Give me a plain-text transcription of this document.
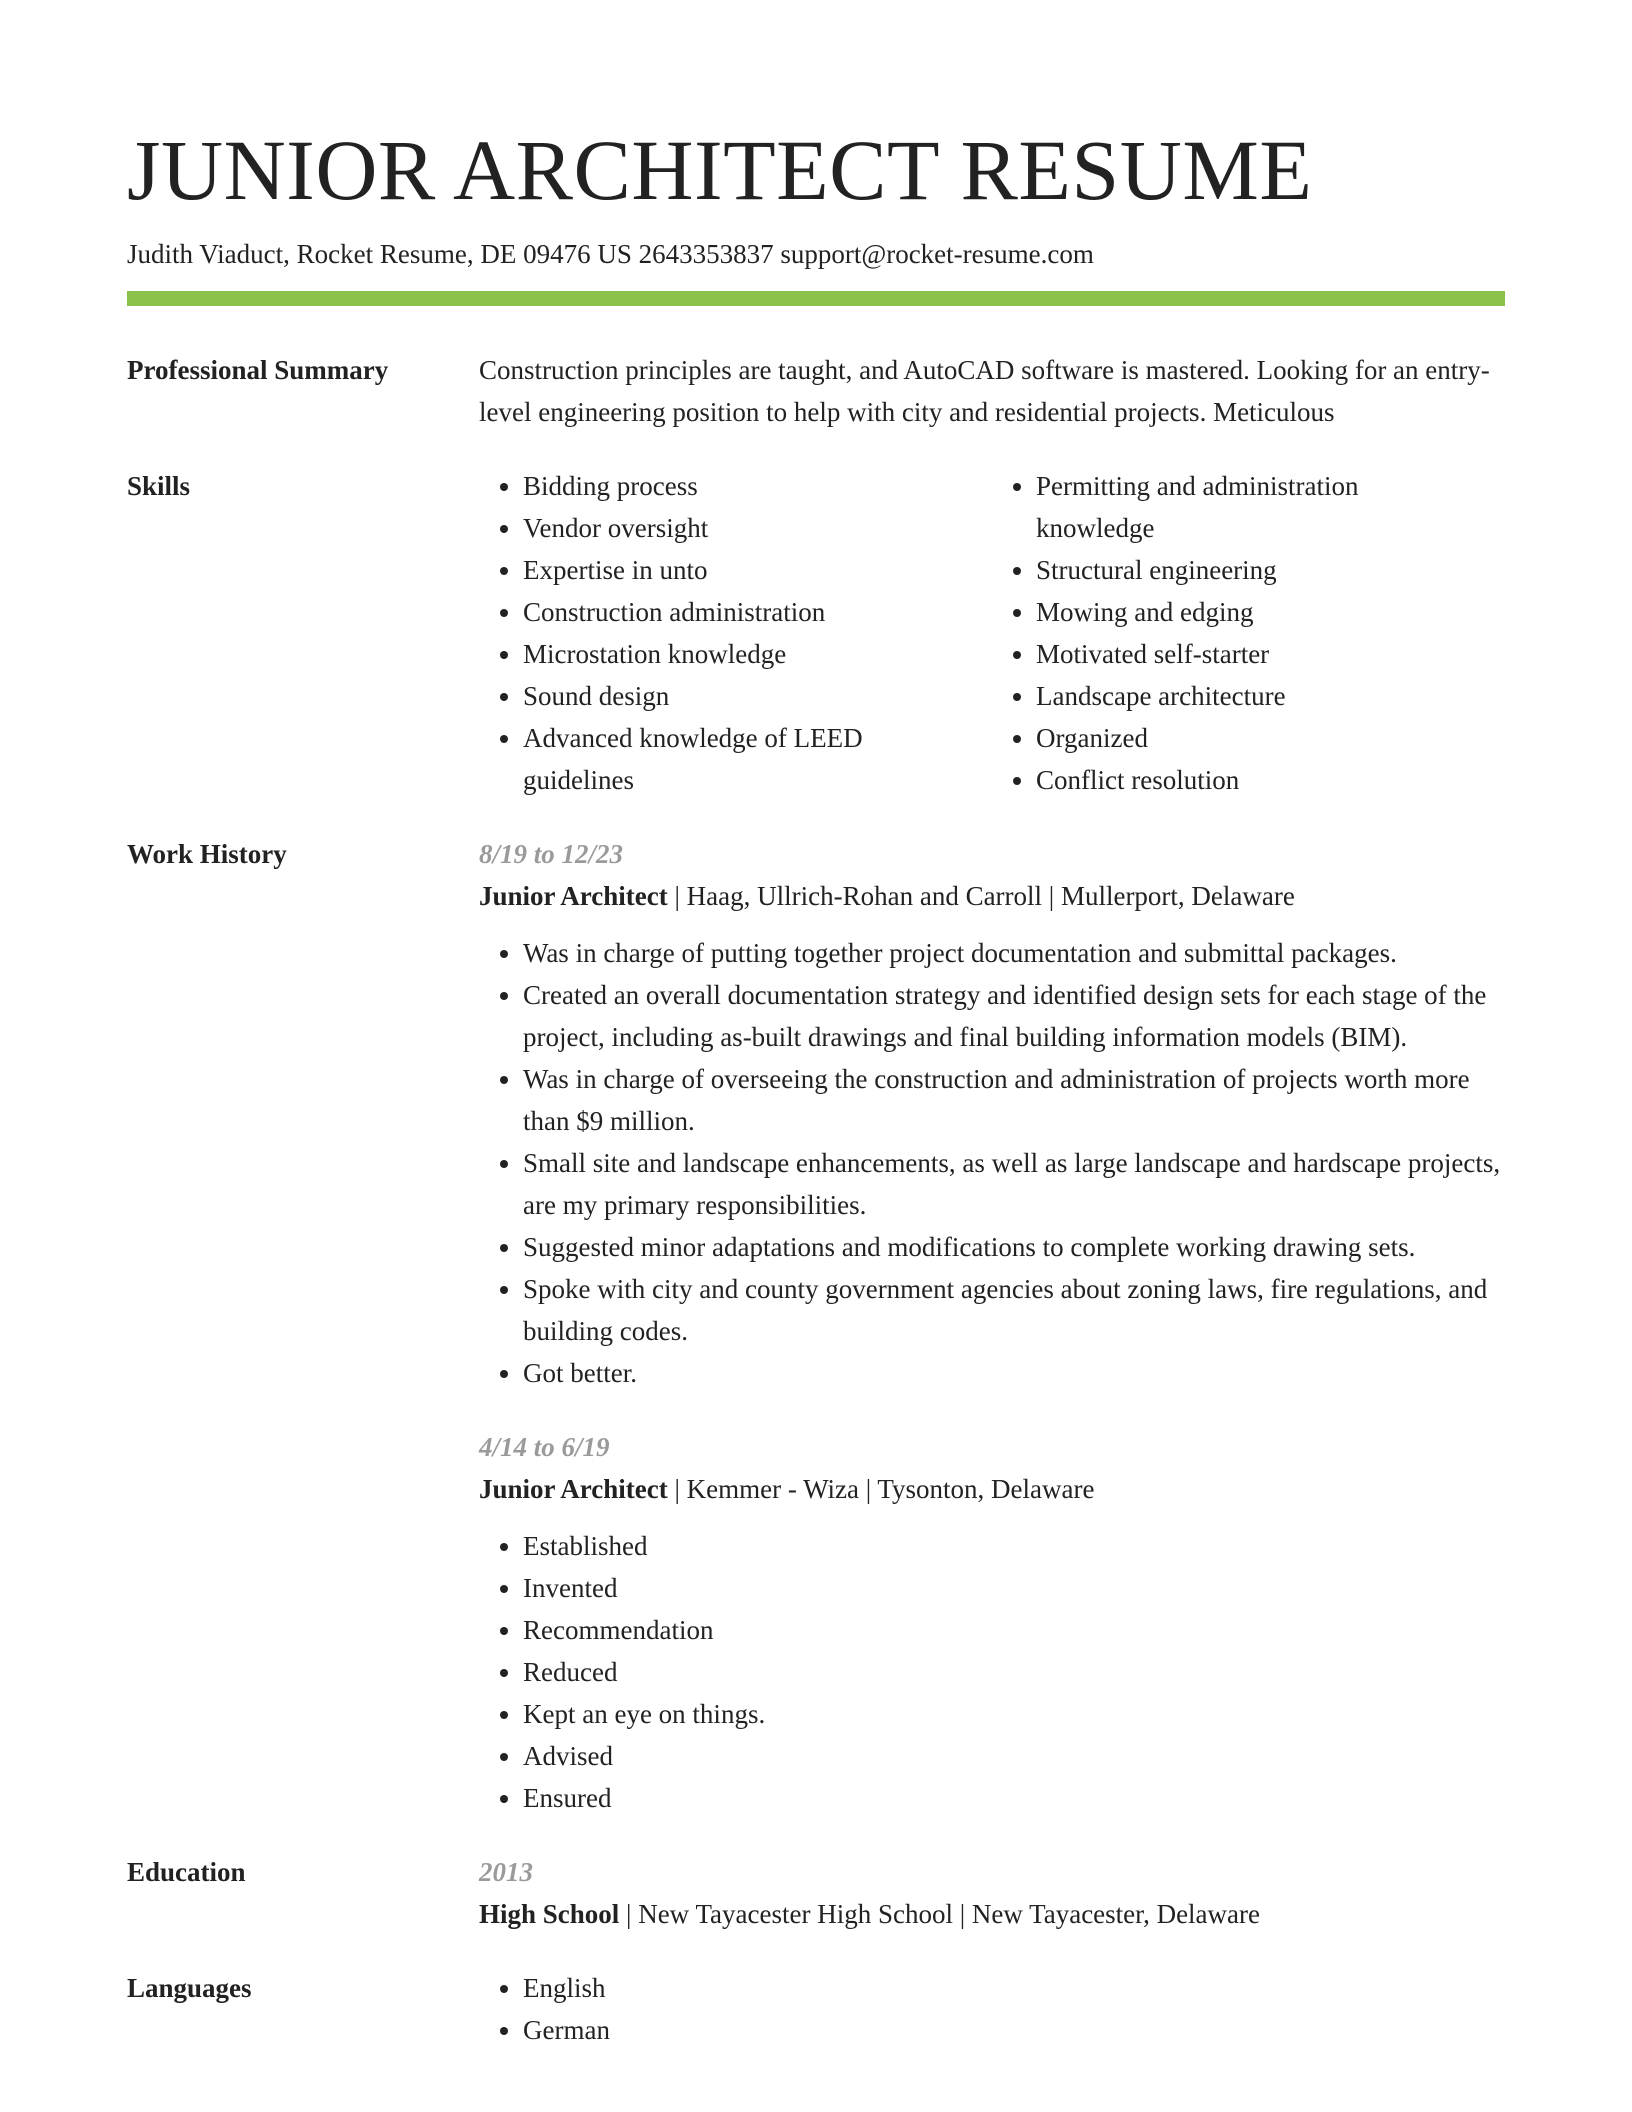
JUNIOR ARCHITECT RESUME
Judith Viaduct, Rocket Resume, DE 09476 US 2643353837 support@rocket-resume.com
Professional Summary	Construction principles are taught, and AutoCAD software is mastered. Looking for an entry-level engineering position to help with city and residential projects. Meticulous

Skills	• Bidding process
• Vendor oversight
• Expertise in unto
• Construction administration
• Microstation knowledge
• Sound design
• Advanced knowledge of LEED guidelines
• Permitting and administration knowledge
• Structural engineering
• Mowing and edging
• Motivated self-starter
• Landscape architecture
• Organized
• Conflict resolution
Work History	8/19 to 12/23
Junior Architect | Haag, Ullrich-Rohan and Carroll | Mullerport, Delaware
• Was in charge of putting together project documentation and submittal packages.
• Created an overall documentation strategy and identified design sets for each stage of the project, including as-built drawings and final building information models (BIM).
• Was in charge of overseeing the construction and administration of projects worth more than $9 million.
• Small site and landscape enhancements, as well as large landscape and hardscape projects, are my primary responsibilities.
• Suggested minor adaptations and modifications to complete working drawing sets.
• Spoke with city and county government agencies about zoning laws, fire regulations, and building codes.
• Got better.
4/14 to 6/19
Junior Architect | Kemmer - Wiza | Tysonton, Delaware
• Established
• Invented
• Recommendation
• Reduced
• Kept an eye on things.
• Advised
• Ensured
Education	2013
High School | New Tayacester High School | New Tayacester, Delaware
Languages	• English
• German
